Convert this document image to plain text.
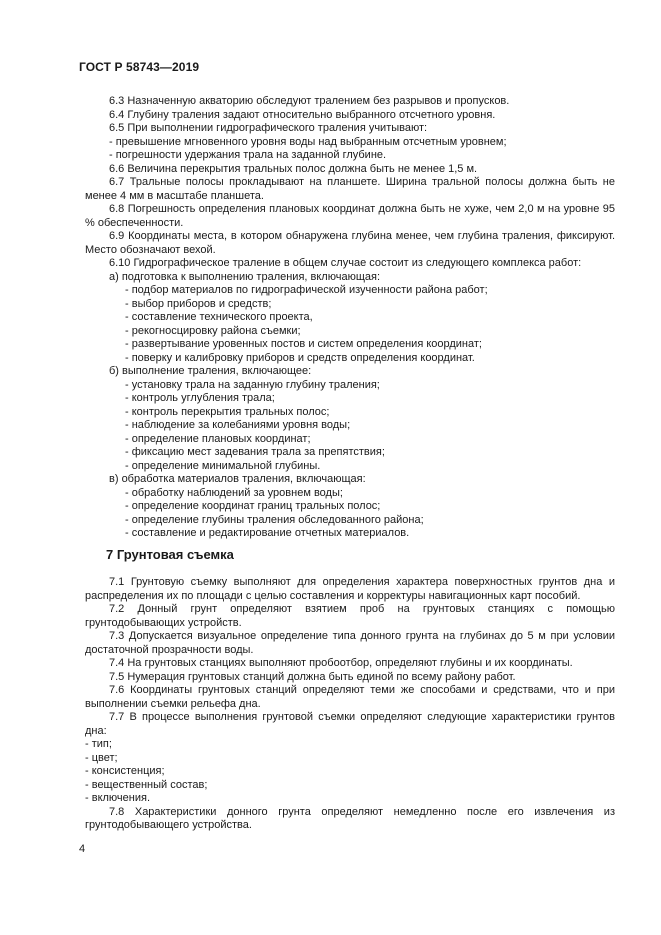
ГОСТ Р 58743—2019

6.3 Назначенную акваторию обследуют тралением без разрывов и пропусков.

6.4 Глубину траления задают относительно выбранного отсчетного уровня.

6.5 При выполнении гидрографического траления учитывают:

- превышение мгновенного уровня воды над выбранным отсчетным уровнем;

- погрешности удержания трала на заданной глубине.

6.6 Величина перекрытия тральных полос должна быть не менее 1,5 м.

6.7 Тральные полосы прокладывают на планшете. Ширина тральной полосы должна быть не менее 4 мм в масштабе планшета.

6.8 Погрешность определения плановых координат должна быть не хуже, чем 2,0 м на уровне 95 % обеспеченности.

6.9 Координаты места, в котором обнаружена глубина менее, чем глубина траления, фиксируют. Место обозначают вехой.

6.10 Гидрографическое траление в общем случае состоит из следующего комплекса работ:

а) подготовка к выполнению траления, включающая:

- подбор материалов по гидрографической изученности района работ;

- выбор приборов и средств;

- составление технического проекта,

- рекогносцировку района съемки;

- развертывание уровенных постов и систем определения координат;

- поверку и калибровку приборов и средств определения координат.

б) выполнение траления, включающее:

- установку трала на заданную глубину траления;

- контроль углубления трала;

- контроль перекрытия тральных полос;

- наблюдение за колебаниями уровня воды;

- определение плановых координат;

- фиксацию мест задевания трала за препятствия;

- определение минимальной глубины.

в) обработка материалов траления, включающая:

- обработку наблюдений за уровнем воды;

- определение координат границ тральных полос;

- определение глубины траления обследованного района;

- составление и редактирование отчетных материалов.

7 Грунтовая съемка

7.1 Грунтовую съемку выполняют для определения характера поверхностных грунтов дна и распределения их по площади с целью составления и корректуры навигационных карт пособий.

7.2 Донный грунт определяют взятием проб на грунтовых станциях с помощью грунтодобывающих устройств.

7.3 Допускается визуальное определение типа донного грунта на глубинах до 5 м при условии достаточной прозрачности воды.

7.4 На грунтовых станциях выполняют пробоотбор, определяют глубины и их координаты.

7.5 Нумерация грунтовых станций должна быть единой по всему району работ.

7.6 Координаты грунтовых станций определяют теми же способами и средствами, что и при выполнении съемки рельефа дна.

7.7 В процессе выполнения грунтовой съемки определяют следующие характеристики грунтов дна:

- тип;

- цвет;

- консистенция;

- вещественный состав;

- включения.

7.8 Характеристики донного грунта определяют немедленно после его извлечения из грунтодобывающего устройства.

4
